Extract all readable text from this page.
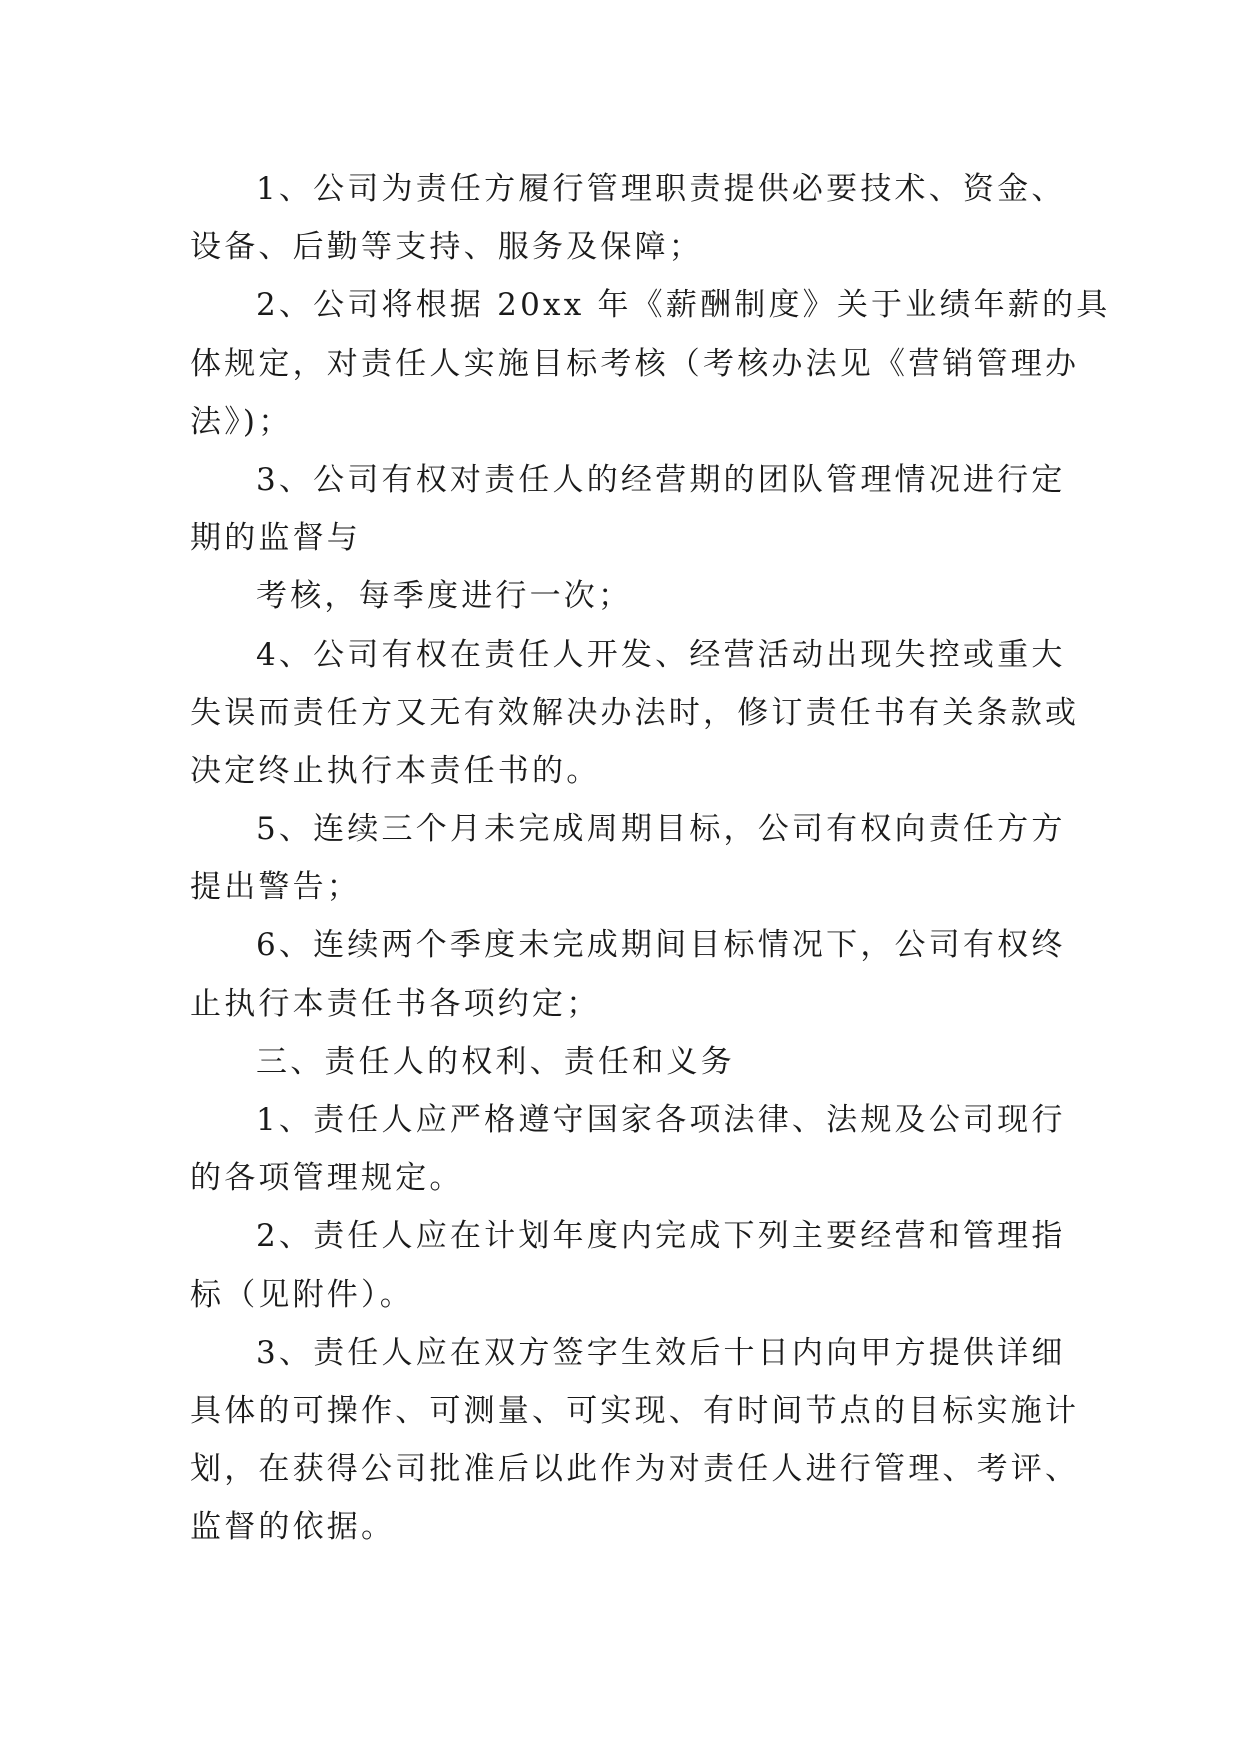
1、公司为责任方履行管理职责提供必要技术、资金、
设备、后勤等支持、服务及保障；
2、公司将根据 20xx 年《薪酬制度》关于业绩年薪的具
体规定，对责任人实施目标考核（考核办法见《营销管理办
法》)；
3、公司有权对责任人的经营期的团队管理情况进行定
期的监督与
考核，每季度进行一次；
4、公司有权在责任人开发、经营活动出现失控或重大
失误而责任方又无有效解决办法时，修订责任书有关条款或
决定终止执行本责任书的。
5、连续三个月未完成周期目标，公司有权向责任方方
提出警告；
6、连续两个季度未完成期间目标情况下，公司有权终
止执行本责任书各项约定；
三、责任人的权利、责任和义务
1、责任人应严格遵守国家各项法律、法规及公司现行
的各项管理规定。
2、责任人应在计划年度内完成下列主要经营和管理指
标（见附件）。
3、责任人应在双方签字生效后十日内向甲方提供详细
具体的可操作、可测量、可实现、有时间节点的目标实施计
划，在获得公司批准后以此作为对责任人进行管理、考评、
监督的依据。
